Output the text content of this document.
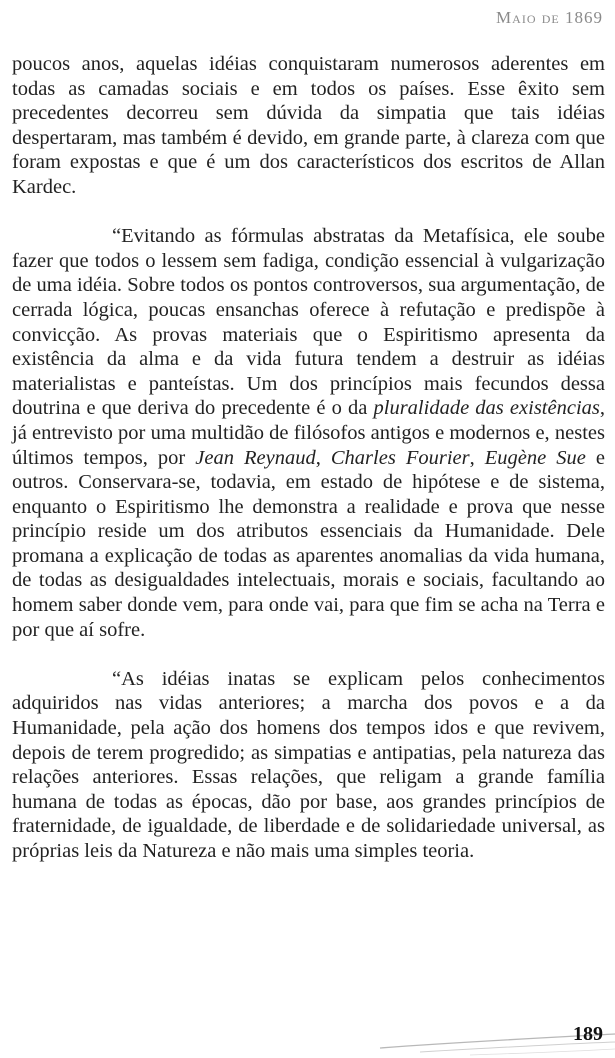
Maio de 1869

poucos anos, aquelas idéias conquistaram numerosos aderentes em todas as camadas sociais e em todos os países. Esse êxito sem precedentes decorreu sem dúvida da simpatia que tais idéias despertaram, mas também é devido, em grande parte, à clareza com que foram expostas e que é um dos característicos dos escritos de Allan Kardec.

“Evitando as fórmulas abstratas da Metafísica, ele soube fazer que todos o lessem sem fadiga, condição essencial à vulgarização de uma idéia. Sobre todos os pontos controversos, sua argumentação, de cerrada lógica, poucas ensanchas oferece à refutação e predispõe à convicção. As provas materiais que o Espiritismo apresenta da existência da alma e da vida futura tendem a destruir as idéias materialistas e panteístas. Um dos princípios mais fecundos dessa doutrina e que deriva do precedente é o da pluralidade das existências, já entrevisto por uma multidão de filósofos antigos e modernos e, nestes últimos tempos, por Jean Reynaud, Charles Fourier, Eugène Sue e outros. Conservara-se, todavia, em estado de hipótese e de sistema, enquanto o Espiritismo lhe demonstra a realidade e prova que nesse princípio reside um dos atributos essenciais da Humanidade. Dele promana a explicação de todas as aparentes anomalias da vida humana, de todas as desigualdades intelectuais, morais e sociais, facultando ao homem saber donde vem, para onde vai, para que fim se acha na Terra e por que aí sofre.

“As idéias inatas se explicam pelos conhecimentos adquiridos nas vidas anteriores; a marcha dos povos e a da Humanidade, pela ação dos homens dos tempos idos e que revivem, depois de terem progredido; as simpatias e antipatias, pela natureza das relações anteriores. Essas relações, que religam a grande família humana de todas as épocas, dão por base, aos grandes princípios de fraternidade, de igualdade, de liberdade e de solidariedade universal, as próprias leis da Natureza e não mais uma simples teoria.

189
